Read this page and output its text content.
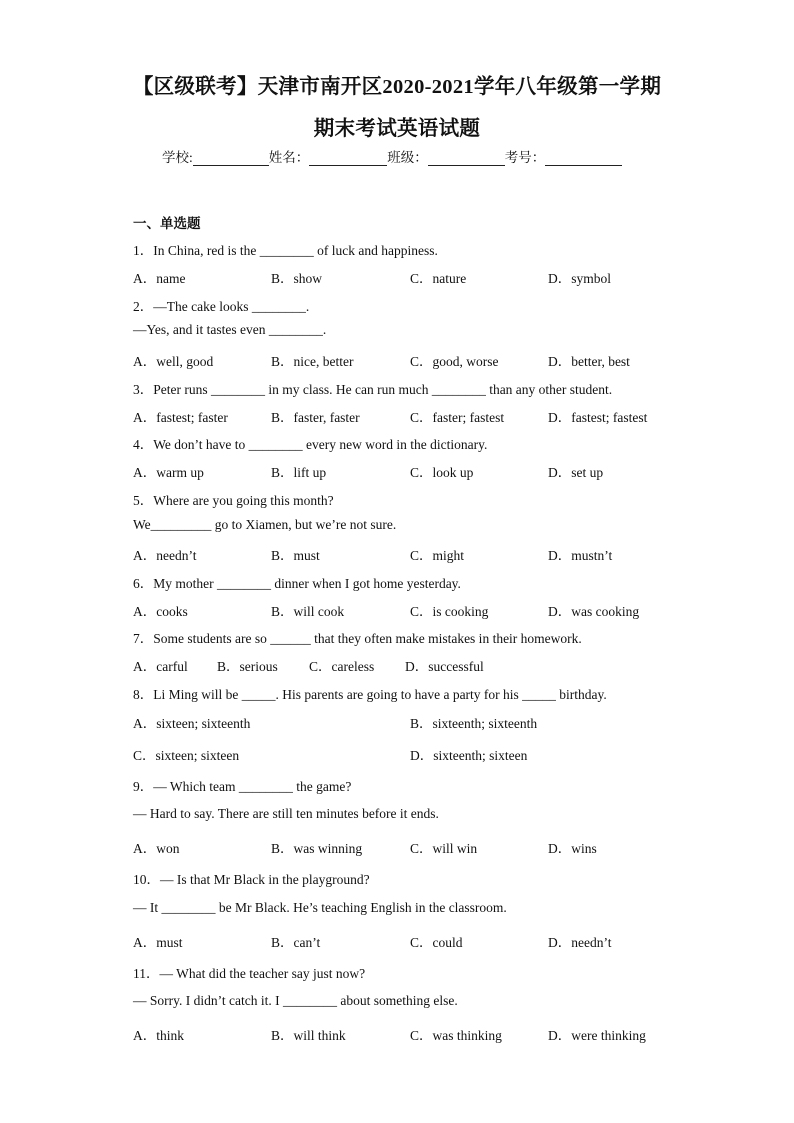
【区级联考】天津市南开区2020-2021学年八年级第一学期
期末考试英语试题
学校:	姓名：	班级：	考号：
一、单选题
1．In China, red is the ________ of luck and happiness.
A．name	B．show	C．nature	D．symbol
2．—The cake looks ________.
—Yes, and it tastes even ________.
A．well, good	B．nice, better	C．good, worse	D．better, best
3．Peter runs ________ in my class. He can run much ________ than any other student.
A．fastest; faster	B．faster, faster	C．faster; fastest	D．fastest; fastest
4．We don’t have to ________ every new word in the dictionary.
A．warm up	B．lift up	C．look up	D．set up
5．Where are you going this month?
We_________ go to Xiamen, but we’re not sure.
A．needn’t	B．must	C．might	D．mustn’t
6．My mother ________ dinner when I got home yesterday.
A．cooks	B．will cook	C．is cooking	D．was cooking
7．Some students are so ______ that they often make mistakes in their homework.
A．carful B．serious C．careless D．successful
8．Li Ming will be _____. His parents are going to have a party for his _____ birthday.
A．sixteen; sixteenth	B．sixteenth; sixteenth
C．sixteen; sixteen	D．sixteenth; sixteen
9．— Which team ________ the game?
— Hard to say. There are still ten minutes before it ends.
A．won	B．was winning	C．will win	D．wins
10．— Is that Mr Black in the playground?
— It ________ be Mr Black. He’s teaching English in the classroom.
A．must	B．can’t	C．could	D．needn’t
11．— What did the teacher say just now?
— Sorry. I didn’t catch it. I ________ about something else.
A．think	B．will think	C．was thinking	D．were thinking
